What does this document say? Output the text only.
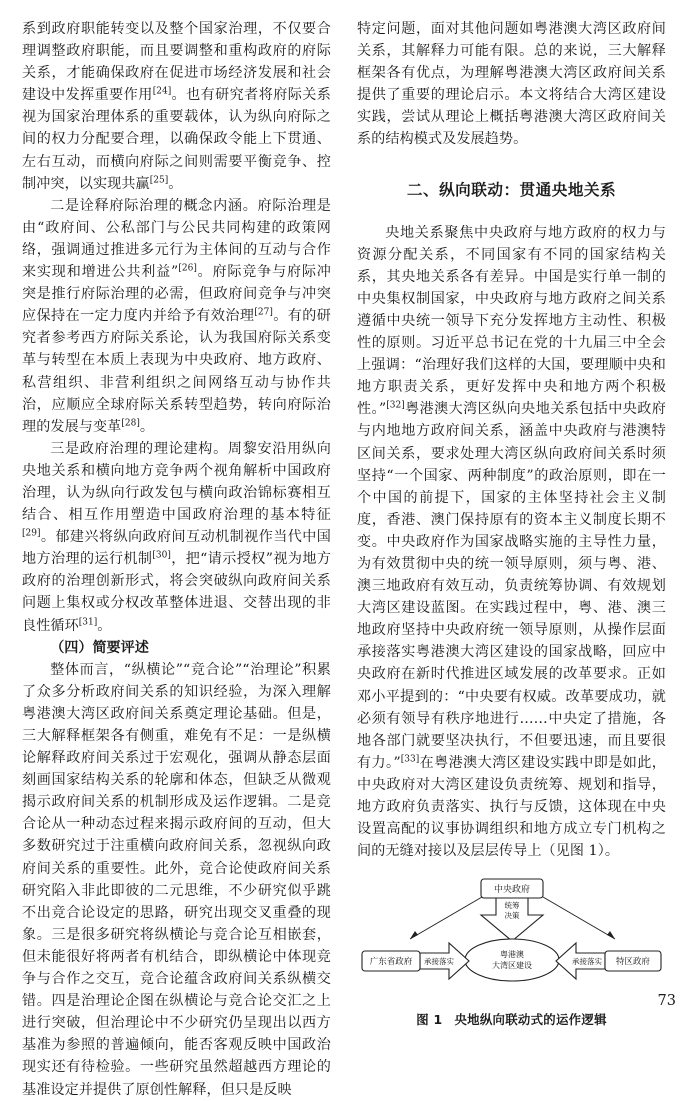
系到政府职能转变以及整个国家治理，不仅要合理调整政府职能，而且要调整和重构政府的府际关系，才能确保政府在促进市场经济发展和社会建设中发挥重要作用[24]。也有研究者将府际关系视为国家治理体系的重要载体，认为纵向府际之间的权力分配要合理，以确保政令能上下贯通、左右互动，而横向府际之间则需要平衡竞争、控制冲突，以实现共赢[25]。

二是诠释府际治理的概念内涵。府际治理是由“政府间、公私部门与公民共同构建的政策网络，强调通过推进多元行为主体间的互动与合作来实现和增进公共利益”[26]。府际竞争与府际冲突是推行府际治理的必需，但政府间竞争与冲突应保持在一定力度内并给予有效治理[27]。有的研究者参考西方府际关系论，认为我国府际关系变革与转型在本质上表现为中央政府、地方政府、私营组织、非营利组织之间网络互动与协作共治，应顺应全球府际关系转型趋势，转向府际治理的发展与变革[28]。

三是政府治理的理论建构。周黎安沿用纵向央地关系和横向地方竞争两个视角解析中国政府治理，认为纵向行政发包与横向政治锦标赛相互结合、相互作用塑造中国政府治理的基本特征[29]。郁建兴将纵向政府间互动机制视作当代中国地方治理的运行机制[30]，把“请示授权”视为地方政府的治理创新形式，将会突破纵向政府间关系问题上集权或分权改革整体进退、交替出现的非良性循环[31]。

（四）简要评述

整体而言，“纵横论”“竞合论”“治理论”积累了众多分析政府间关系的知识经验，为深入理解粤港澳大湾区政府间关系奠定理论基础。但是，三大解释框架各有侧重，难免有不足：一是纵横论解释政府间关系过于宏观化，强调从静态层面刻画国家结构关系的轮廓和体态，但缺乏从微观揭示政府间关系的机制形成及运作逻辑。二是竞合论从一种动态过程来揭示政府间的互动，但大多数研究过于注重横向政府间关系，忽视纵向政府间关系的重要性。此外，竞合论使政府间关系研究陷入非此即彼的二元思维，不少研究似乎跳不出竞合论设定的思路，研究出现交叉重叠的现象。三是很多研究将纵横论与竞合论互相嵌套，但未能很好将两者有机结合，即纵横论中体现竞争与合作之交互，竞合论蕴含政府间关系纵横交错。四是治理论企图在纵横论与竞合论交汇之上进行突破，但治理论中不少研究仍呈现出以西方基准为参照的普遍倾向，能否客观反映中国政治现实还有待检验。一些研究虽然超越西方理论的基准设定并提供了原创性解释，但只是反映

特定问题，面对其他问题如粤港澳大湾区政府间关系，其解释力可能有限。总的来说，三大解释框架各有优点，为理解粤港澳大湾区政府间关系提供了重要的理论启示。本文将结合大湾区建设实践，尝试从理论上概括粤港澳大湾区政府间关系的结构模式及发展趋势。

二、纵向联动：贯通央地关系

央地关系聚焦中央政府与地方政府的权力与资源分配关系，不同国家有不同的国家结构关系，其央地关系各有差异。中国是实行单一制的中央集权制国家，中央政府与地方政府之间关系遵循中央统一领导下充分发挥地方主动性、积极性的原则。习近平总书记在党的十九届三中全会上强调：“治理好我们这样的大国，要理顺中央和地方职责关系，更好发挥中央和地方两个积极性。”[32]粤港澳大湾区纵向央地关系包括中央政府与内地地方政府间关系，涵盖中央政府与港澳特区间关系，要求处理大湾区纵向政府间关系时须坚持“一个国家、两种制度”的政治原则，即在一个中国的前提下，国家的主体坚持社会主义制度，香港、澳门保持原有的资本主义制度长期不变。中央政府作为国家战略实施的主导性力量，为有效贯彻中央的统一领导原则，须与粤、港、澳三地政府有效互动，负责统筹协调、有效规划大湾区建设蓝图。在实践过程中，粤、港、澳三地政府坚持中央政府统一领导原则，从操作层面承接落实粤港澳大湾区建设的国家战略，回应中央政府在新时代推进区域发展的改革要求。正如邓小平提到的：“中央要有权威。改革要成功，就必须有领导有秩序地进行……中央定了措施，各地各部门就要坚决执行，不但要迅速，而且要很有力。”[33]在粤港澳大湾区建设实践中即是如此，中央政府对大湾区建设负责统筹、规划和指导，地方政府负责落实、执行与反馈，这体现在中央设置高配的议事协调组织和地方成立专门机构之间的无缝对接以及层层传导上（见图 1）。

中央政府
统筹
决策
粤港澳
大湾区建设
承接落实	承接落实
广东省政府	特区政府
图 1 央地纵向联动式的运作逻辑
73
